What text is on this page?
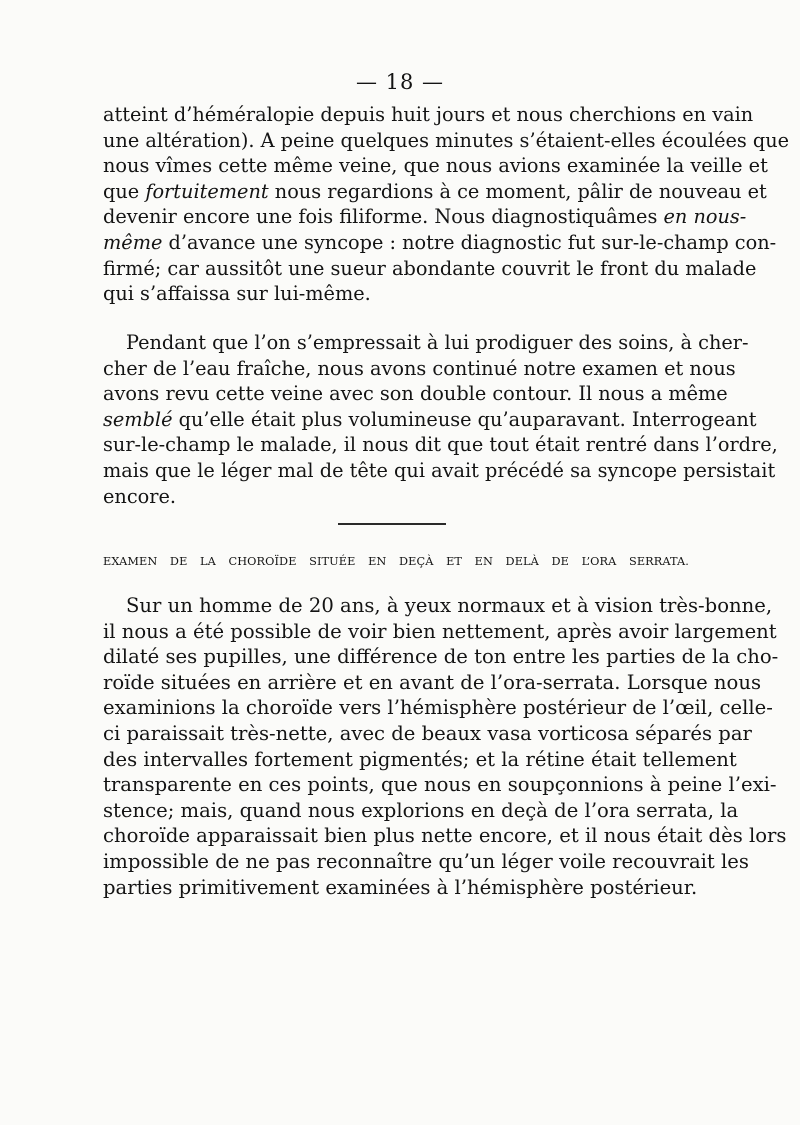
— 18 —
atteint d’héméralopie depuis huit jours et nous cherchions en vain
une altération). A peine quelques minutes s’étaient-elles écoulées que
nous vîmes cette même veine, que nous avions examinée la veille et
que fortuitement nous regardions à ce moment, pâlir de nouveau et
devenir encore une fois filiforme. Nous diagnostiquâmes en nous-
même d’avance une syncope : notre diagnostic fut sur-le-champ con-
firmé; car aussitôt une sueur abondante couvrit le front du malade
qui s’affaissa sur lui-même.
Pendant que l’on s’empressait à lui prodiguer des soins, à cher-
cher de l’eau fraîche, nous avons continué notre examen et nous
avons revu cette veine avec son double contour. Il nous a même
semblé qu’elle était plus volumineuse qu’auparavant. Interrogeant
sur-le-champ le malade, il nous dit que tout était rentré dans l’ordre,
mais que le léger mal de tête qui avait précédé sa syncope persistait
encore.
EXAMEN DE LA CHOROÏDE SITUÉE EN DEÇÀ ET EN DELÀ DE L’ORA SERRATA.
Sur un homme de 20 ans, à yeux normaux et à vision très-bonne,
il nous a été possible de voir bien nettement, après avoir largement
dilaté ses pupilles, une différence de ton entre les parties de la cho-
roïde situées en arrière et en avant de l’ora-serrata. Lorsque nous
examinions la choroïde vers l’hémisphère postérieur de l’œil, celle-
ci paraissait très-nette, avec de beaux vasa vorticosa séparés par
des intervalles fortement pigmentés; et la rétine était tellement
transparente en ces points, que nous en soupçonnions à peine l’exi-
stence; mais, quand nous explorions en deçà de l’ora serrata, la
choroïde apparaissait bien plus nette encore, et il nous était dès lors
impossible de ne pas reconnaître qu’un léger voile recouvrait les
parties primitivement examinées à l’hémisphère postérieur.
